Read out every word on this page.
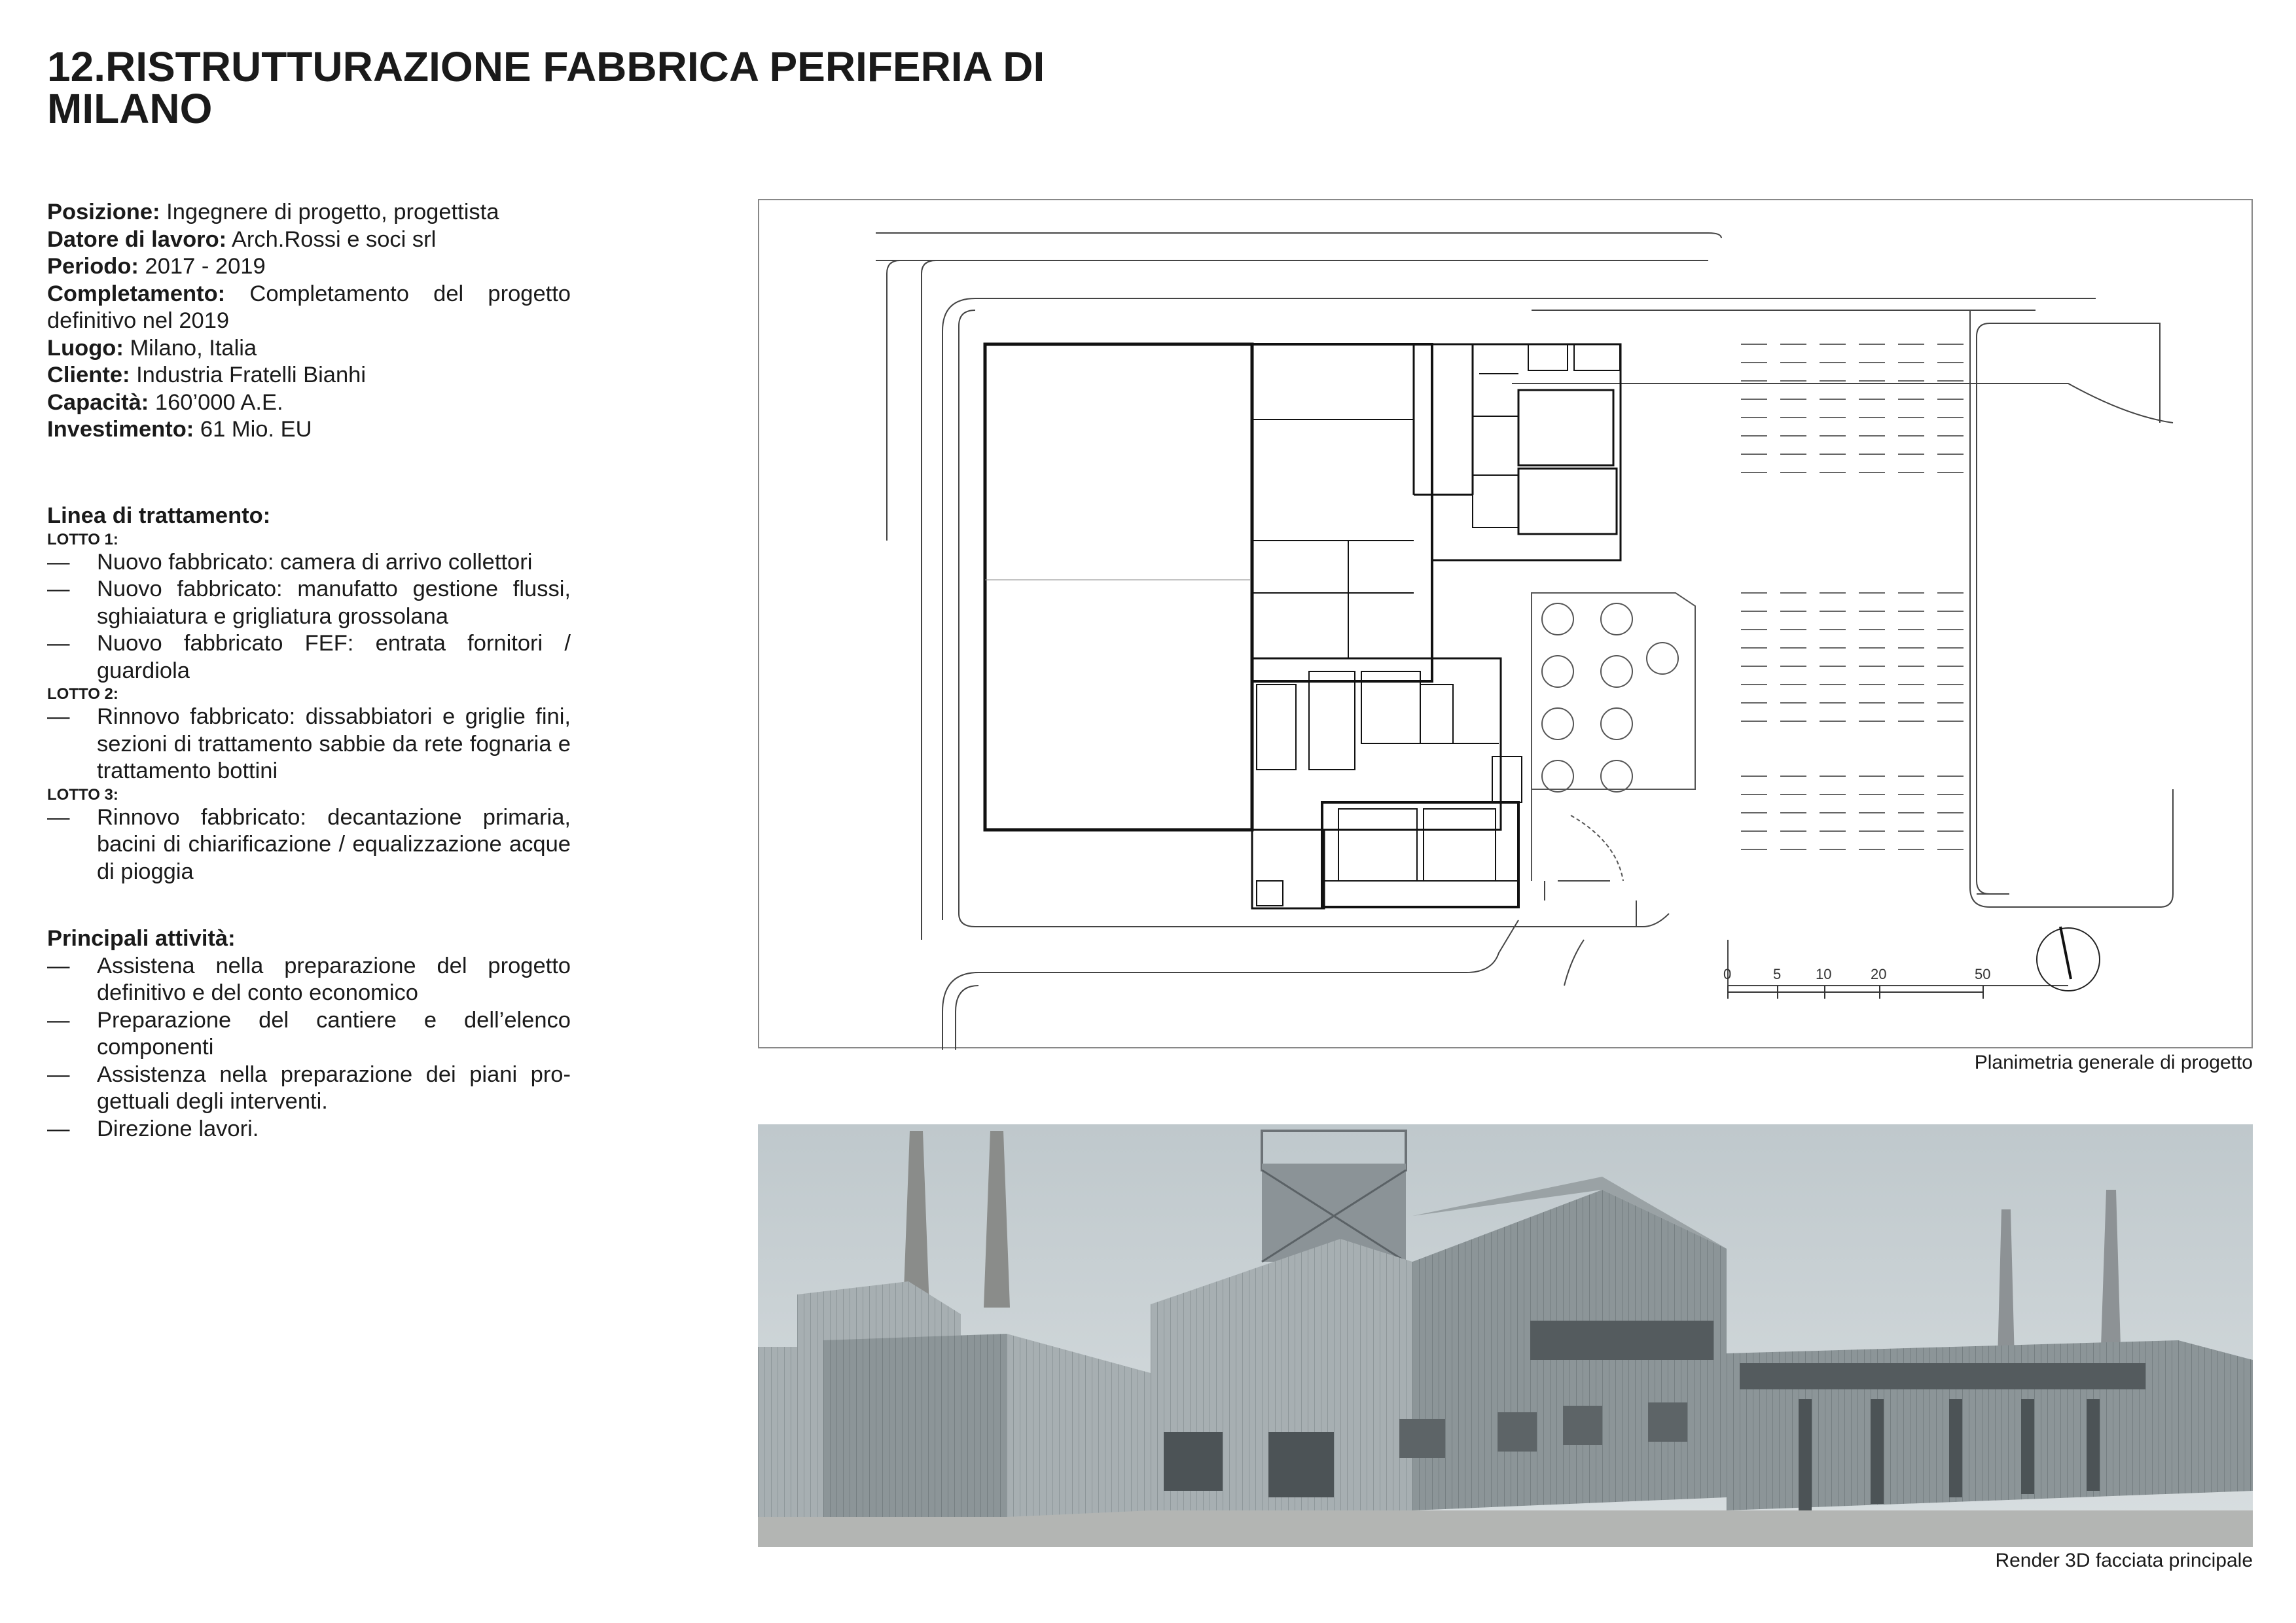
12.RISTRUTTURAZIONE FABBRICA PERIFERIA DI MILANO
Posizione: Ingegnere di progetto, progettista
Datore di lavoro: Arch.Rossi e soci srl
Periodo: 2017 - 2019
Completamento: Completamento del progetto definitivo nel 2019
Luogo: Milano, Italia
Cliente: Industria Fratelli Bianhi
Capacità: 160’000 A.E.
Investimento: 61 Mio. EU
Linea di trattamento:
LOTTO 1:
— Nuovo fabbricato: camera di arrivo collettori
— Nuovo fabbricato: manufatto gestione flussi, sghiaiatura e grigliatura grossolana
— Nuovo fabbricato FEF: entrata fornitori / guardiola
LOTTO 2:
— Rinnovo fabbricato: dissabbiatori e griglie fini, sezioni di trattamento sabbie da rete fognaria e trattamento bottini
LOTTO 3:
— Rinnovo fabbricato: decantazione primaria, bacini di chiarificazione / equalizzazione acque di pioggia
Principali attività:
— Assistena nella preparazione del progetto definitivo e del conto economico
— Preparazione del cantiere e dell’elenco componenti
— Assistenza nella preparazione dei piani pro-gettuali degli interventi.
— Direzione lavori.
0	5 10	20	50
Planimetria generale di progetto
Render 3D facciata principale
